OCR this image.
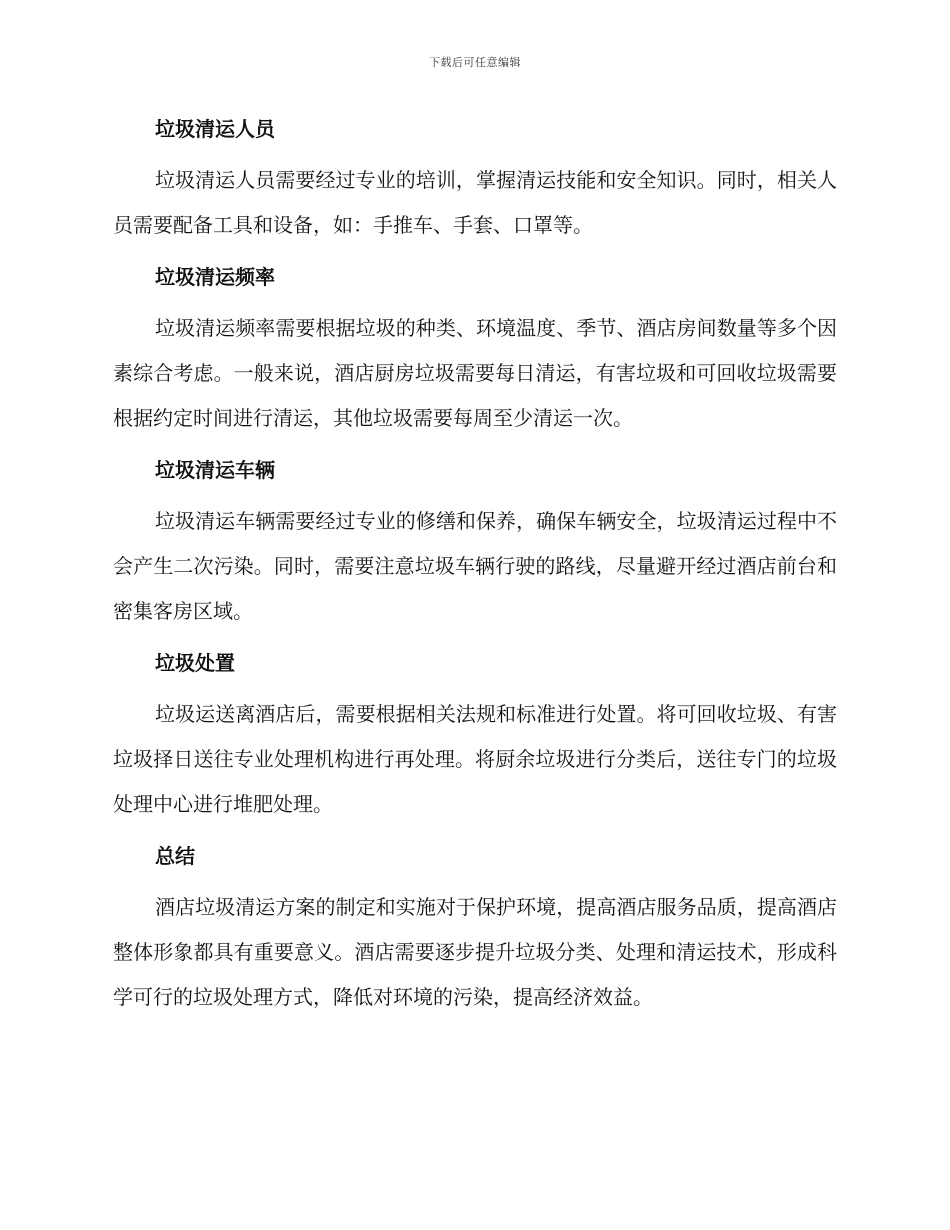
下载后可任意编辑
垃圾清运人员

垃圾清运人员需要经过专业的培训，掌握清运技能和安全知识。同时，相关人员需要配备工具和设备，如：手推车、手套、口罩等。

垃圾清运频率

垃圾清运频率需要根据垃圾的种类、环境温度、季节、酒店房间数量等多个因素综合考虑。一般来说，酒店厨房垃圾需要每日清运，有害垃圾和可回收垃圾需要根据约定时间进行清运，其他垃圾需要每周至少清运一次。

垃圾清运车辆

垃圾清运车辆需要经过专业的修缮和保养，确保车辆安全，垃圾清运过程中不会产生二次污染。同时，需要注意垃圾车辆行驶的路线，尽量避开经过酒店前台和密集客房区域。

垃圾处置

垃圾运送离酒店后，需要根据相关法规和标准进行处置。将可回收垃圾、有害垃圾择日送往专业处理机构进行再处理。将厨余垃圾进行分类后，送往专门的垃圾处理中心进行堆肥处理。

总结

酒店垃圾清运方案的制定和实施对于保护环境，提高酒店服务品质，提高酒店整体形象都具有重要意义。酒店需要逐步提升垃圾分类、处理和清运技术，形成科学可行的垃圾处理方式，降低对环境的污染，提高经济效益。
